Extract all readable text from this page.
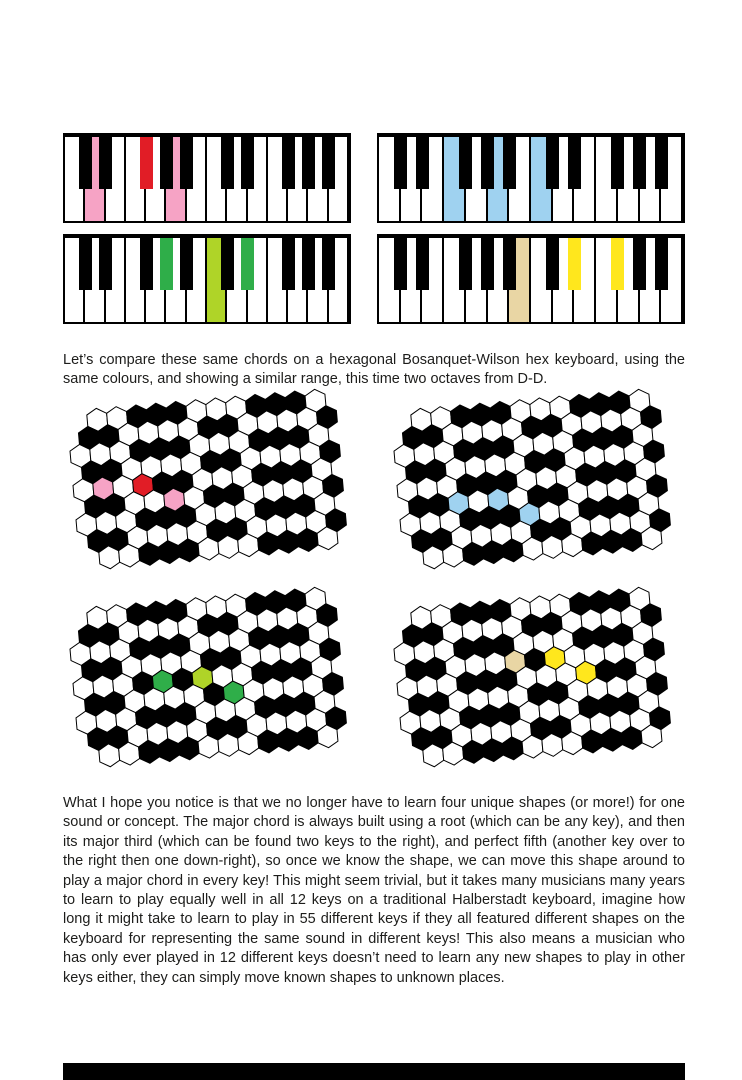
Let’s compare these same chords on a hexagonal Bosanquet-Wilson hex keyboard, using the same colours, and showing a similar range, this time two octaves from D-D.

What I hope you notice is that we no longer have to learn four unique shapes (or more!) for one sound or concept. The major chord is always built using a root (which can be any key), and then its major third (which can be found two keys to the right), and perfect fifth (another key over to the right then one down-right), so once we know the shape, we can move this shape around to play a major chord in every key! This might seem trivial, but it takes many musicians many years to learn to play equally well in all 12 keys on a traditional Halberstadt keyboard, imagine how long it might take to learn to play in 55 different keys if they all featured different shapes on the keyboard for representing the same sound in different keys! This also means a musician who has only ever played in 12 different keys doesn’t need to learn any new shapes to play in other keys either, they can simply move known shapes to unknown places.
